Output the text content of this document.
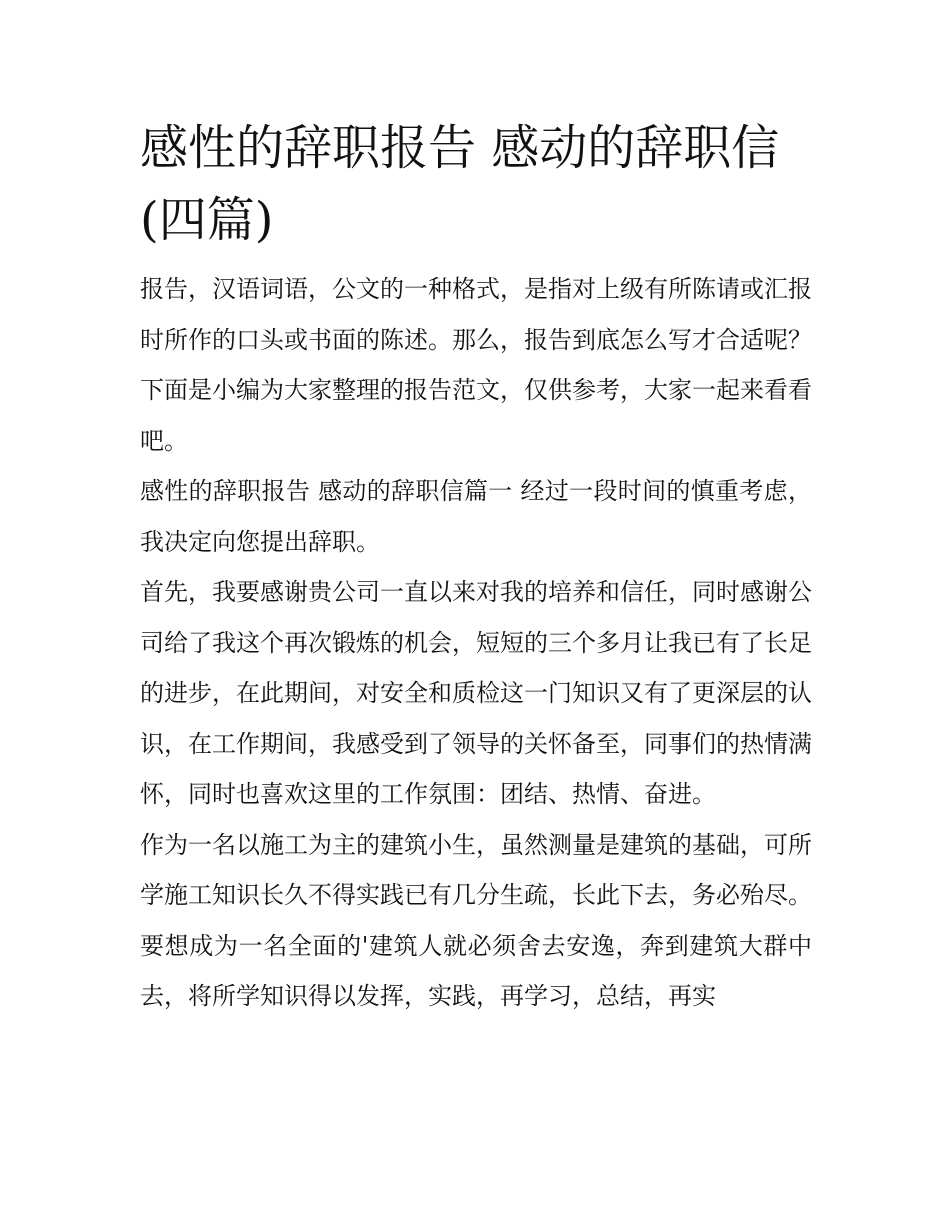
感性的辞职报告 感动的辞职信(四篇)

报告，汉语词语，公文的一种格式，是指对上级有所陈请或汇报时所作的口头或书面的陈述。那么，报告到底怎么写才合适呢？下面是小编为大家整理的报告范文，仅供参考，大家一起来看看吧。

感性的辞职报告 感动的辞职信篇一 经过一段时间的慎重考虑，我决定向您提出辞职。

首先，我要感谢贵公司一直以来对我的培养和信任，同时感谢公司给了我这个再次锻炼的机会，短短的三个多月让我已有了长足的进步，在此期间，对安全和质检这一门知识又有了更深层的认识，在工作期间，我感受到了领导的关怀备至，同事们的热情满怀，同时也喜欢这里的工作氛围：团结、热情、奋进。

作为一名以施工为主的建筑小生，虽然测量是建筑的基础，可所学施工知识长久不得实践已有几分生疏，长此下去，务必殆尽。要想成为一名全面的'建筑人就必须舍去安逸，奔到建筑大群中去，将所学知识得以发挥，实践，再学习，总结，再实
